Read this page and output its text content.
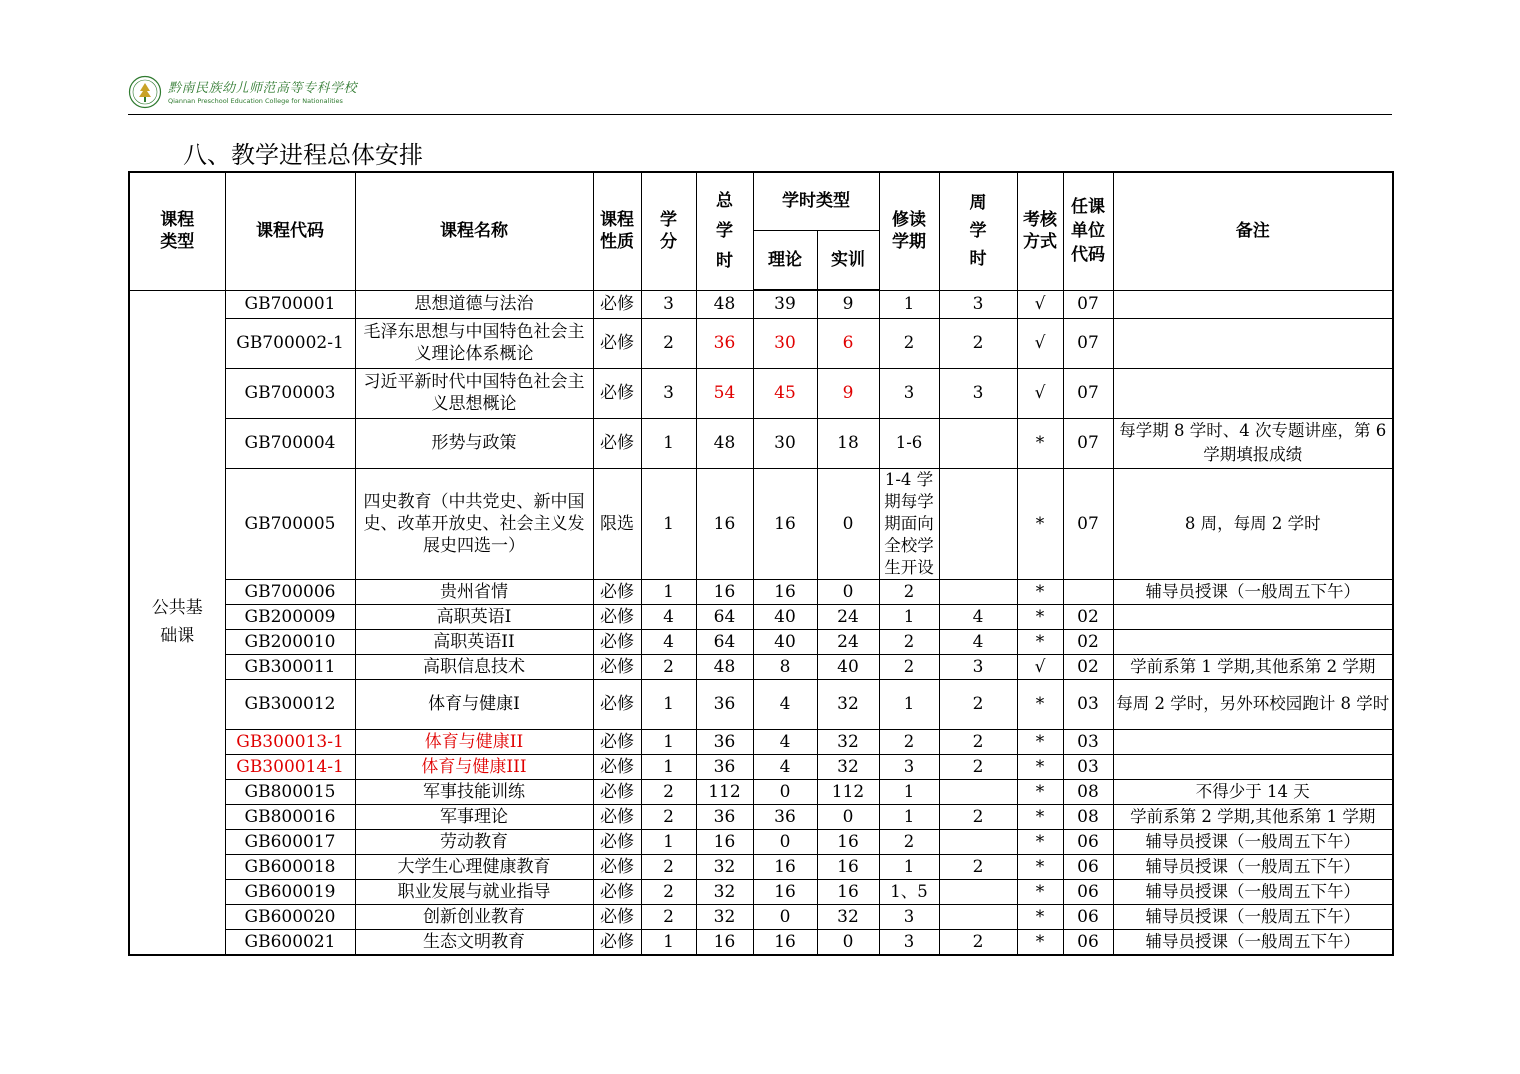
黔南民族幼儿师范高等专科学校
Qiannan Preschool Education College for Nationalities
八、教学进程总体安排
课程类型	课程代码	课程名称	课程性质	学分	总学时	学时类型		修读学期	周学时	考核方式	任课单位代码	备注
						理论	实训					
公共基础课	GB700001	思想道德与法治	必修	3	48	39	9	1	3	√	07	
	GB700002-1	毛泽东思想与中国特色社会主义理论体系概论	必修	2	36	30	6	2	2	√	07	
	GB700003	习近平新时代中国特色社会主义思想概论	必修	3	54	45	9	3	3	√	07	
	GB700004	形势与政策	必修	1	48	30	18	1-6		*	07	每学期 8 学时、4 次专题讲座，第 6 学期填报成绩
	GB700005	四史教育（中共党史、新中国史、改革开放史、社会主义发展史四选一）	限选	1	16	16	0	1-4 学期每学期面向全校学生开设		*	07	8 周，每周 2 学时
	GB700006	贵州省情	必修	1	16	16	0	2		*		辅导员授课（一般周五下午）
	GB200009	高职英语I	必修	4	64	40	24	1	4	*	02	
	GB200010	高职英语II	必修	4	64	40	24	2	4	*	02	
	GB300011	高职信息技术	必修	2	48	8	40	2	3	√	02	学前系第 1 学期,其他系第 2 学期
	GB300012	体育与健康I	必修	1	36	4	32	1	2	*	03	每周 2 学时，另外环校园跑计 8 学时
	GB300013-1	体育与健康II	必修	1	36	4	32	2	2	*	03	
	GB300014-1	体育与健康III	必修	1	36	4	32	3	2	*	03	
	GB800015	军事技能训练	必修	2	112	0	112	1		*	08	不得少于 14 天
	GB800016	军事理论	必修	2	36	36	0	1	2	*	08	学前系第 2 学期,其他系第 1 学期
	GB600017	劳动教育	必修	1	16	0	16	2		*	06	辅导员授课（一般周五下午）
	GB600018	大学生心理健康教育	必修	2	32	16	16	1	2	*	06	辅导员授课（一般周五下午）
	GB600019	职业发展与就业指导	必修	2	32	16	16	1、5		*	06	辅导员授课（一般周五下午）
	GB600020	创新创业教育	必修	2	32	0	32	3		*	06	辅导员授课（一般周五下午）
	GB600021	生态文明教育	必修	1	16	16	0	3	2	*	06	辅导员授课（一般周五下午）
